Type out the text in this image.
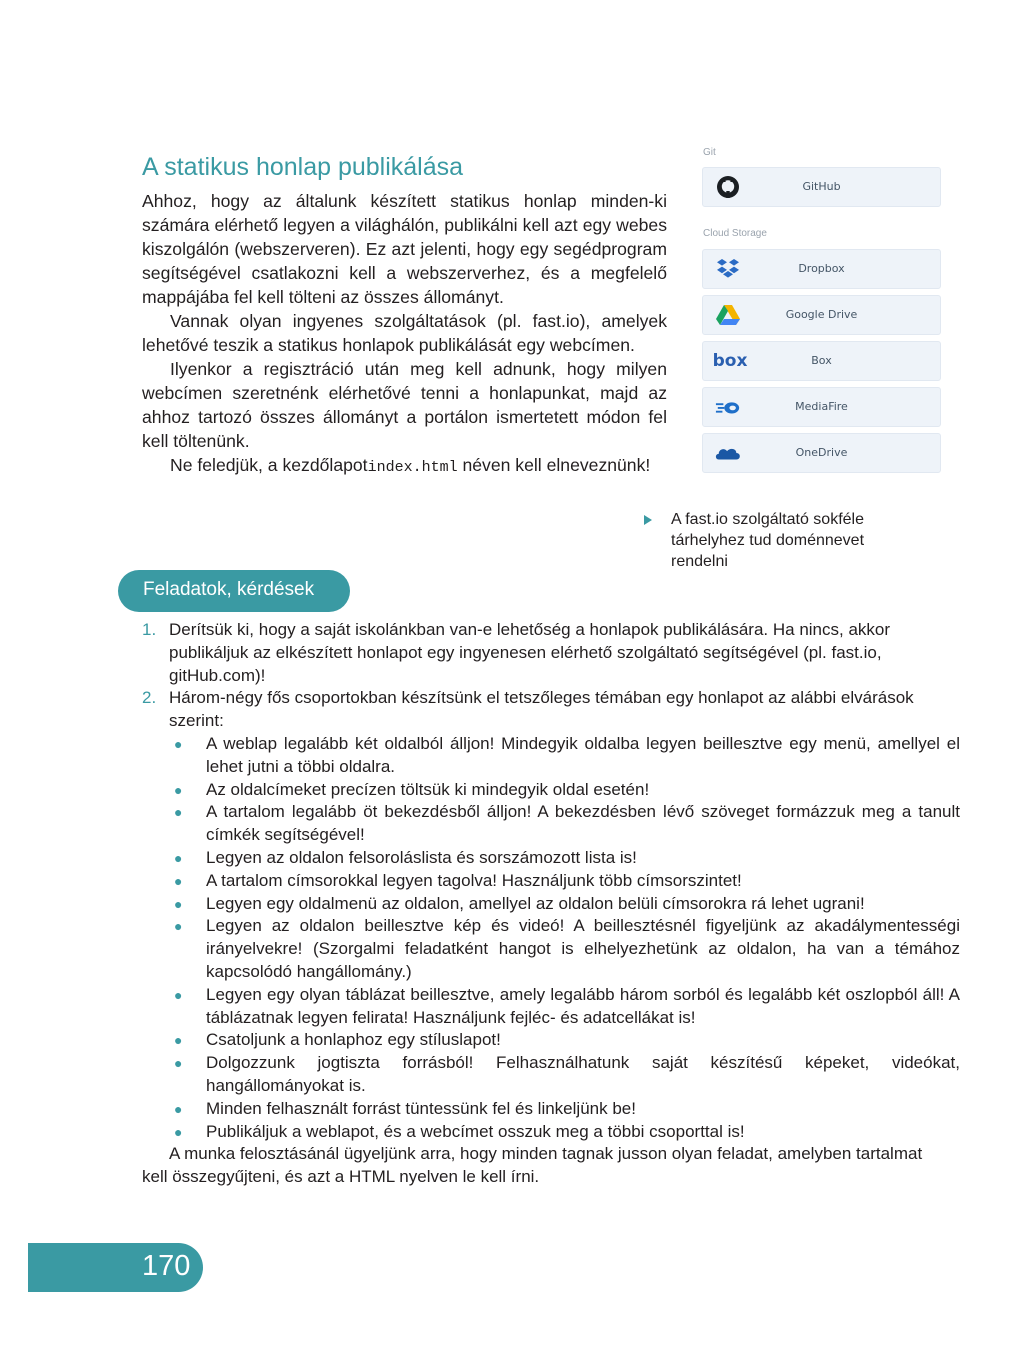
A statikus honlap publikálása

Ahhoz, hogy az általunk készített statikus honlap minden-ki számára elérhető legyen a világhálón, publikálni kell azt egy webes kiszolgálón (webszerveren). Ez azt jelenti, hogy egy segédprogram segítségével csatlakozni kell a webszerverhez, és a megfelelő mappájába fel kell tölteni az összes állományt.

Vannak olyan ingyenes szolgáltatások (pl. fast.io), amelyek lehetővé teszik a statikus honlapok publikálását egy webcímen.

Ilyenkor a regisztráció után meg kell adnunk, hogy milyen webcímen szeretnénk elérhetővé tenni a honlapunkat, majd az ahhoz tartozó összes állományt a portálon ismertetett módon fel kell töltenünk.

Ne feledjük, a kezdőlapotindex.html néven kell elneveznünk!

Git
GitHub
Cloud Storage
Dropbox
Google Drive
box	Box
MediaFire
OneDrive
A fast.io szolgáltató sokféle tárhelyhez tud doménnevet rendelni
Feladatok, kérdések
1. Derítsük ki, hogy a saját iskolánkban van-e lehetőség a honlapok publikálására. Ha nincs, akkor publikáljuk az elkészített honlapot egy ingyenesen elérhető szolgáltató segítségével (pl. fast.io, gitHub.com)!
2. Három-négy fős csoportokban készítsünk el tetszőleges témában egy honlapot az alábbi elvárások szerint:
● A weblap legalább két oldalból álljon! Mindegyik oldalba legyen beillesztve egy menü, amellyel el lehet jutni a többi oldalra.
● Az oldalcímeket precízen töltsük ki mindegyik oldal esetén!
● A tartalom legalább öt bekezdésből álljon! A bekezdésben lévő szöveget formázzuk meg a tanult címkék segítségével!
● Legyen az oldalon felsoroláslista és sorszámozott lista is!
● A tartalom címsorokkal legyen tagolva! Használjunk több címsorszintet!
● Legyen egy oldalmenü az oldalon, amellyel az oldalon belüli címsorokra rá lehet ugrani!
● Legyen az oldalon beillesztve kép és videó! A beillesztésnél figyeljünk az akadálymentességi irányelvekre! (Szorgalmi feladatként hangot is elhelyezhetünk az oldalon, ha van a témához kapcsolódó hangállomány.)
● Legyen egy olyan táblázat beillesztve, amely legalább három sorból és legalább két oszlopból áll! A táblázatnak legyen felirata! Használjunk fejléc- és adatcellákat is!
● Csatoljunk a honlaphoz egy stíluslapot!
● Dolgozzunk jogtiszta forrásból! Felhasználhatunk saját készítésű képeket, videókat, hangállományokat is.
● Minden felhasznált forrást tüntessünk fel és linkeljünk be!
● Publikáljuk a weblapot, és a webcímet osszuk meg a többi csoporttal is!

A munka felosztásánál ügyeljünk arra, hogy minden tagnak jusson olyan feladat, amelyben tartalmat kell összegyűjteni, és azt a HTML nyelven le kell írni.

170
